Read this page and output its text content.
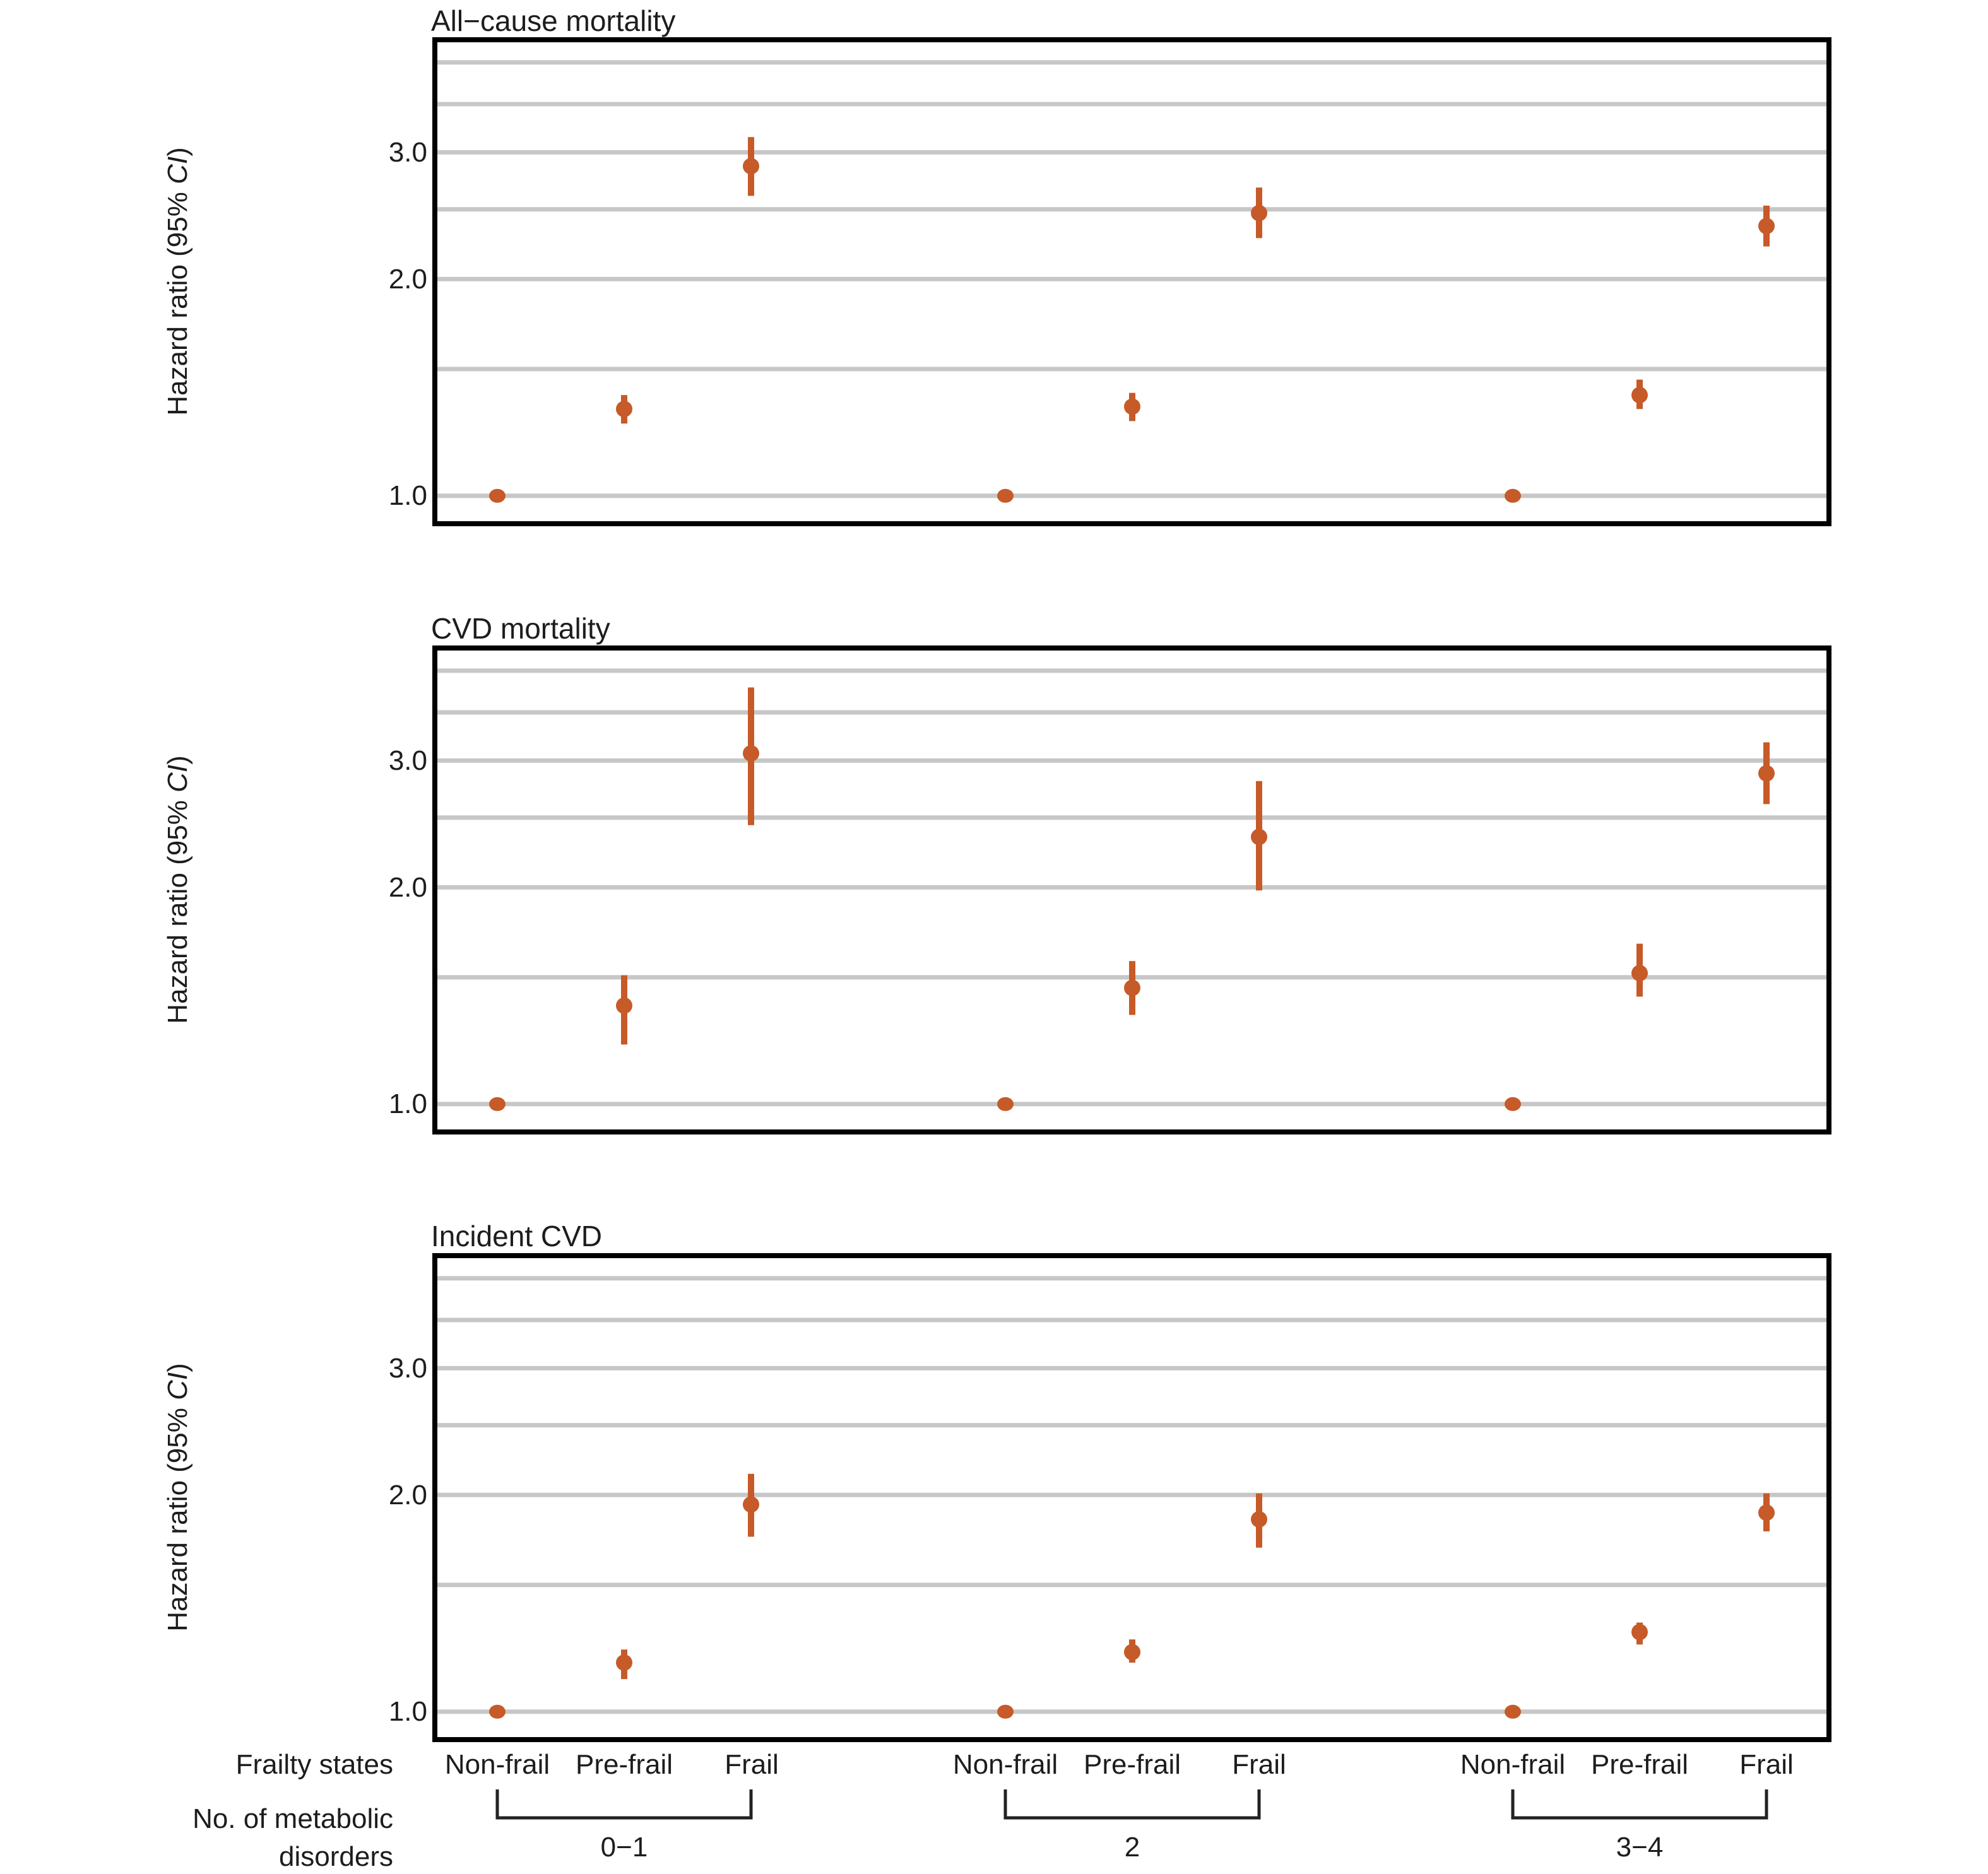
All−cause mortality
CVD mortality
Incident CVD
Hazard ratio (95% CI)
Hazard ratio (95% CI)
Hazard ratio (95% CI)
3.0
2.0
1.0
3.0
2.0
1.0
3.0
2.0
1.0
Frailty states
No. of metabolic
disorders
Non-frail Pre-frail	Frail	Non-frail Pre-frail	Frail	Non-frail Pre-frail	Frail
0−1	2	3−4
